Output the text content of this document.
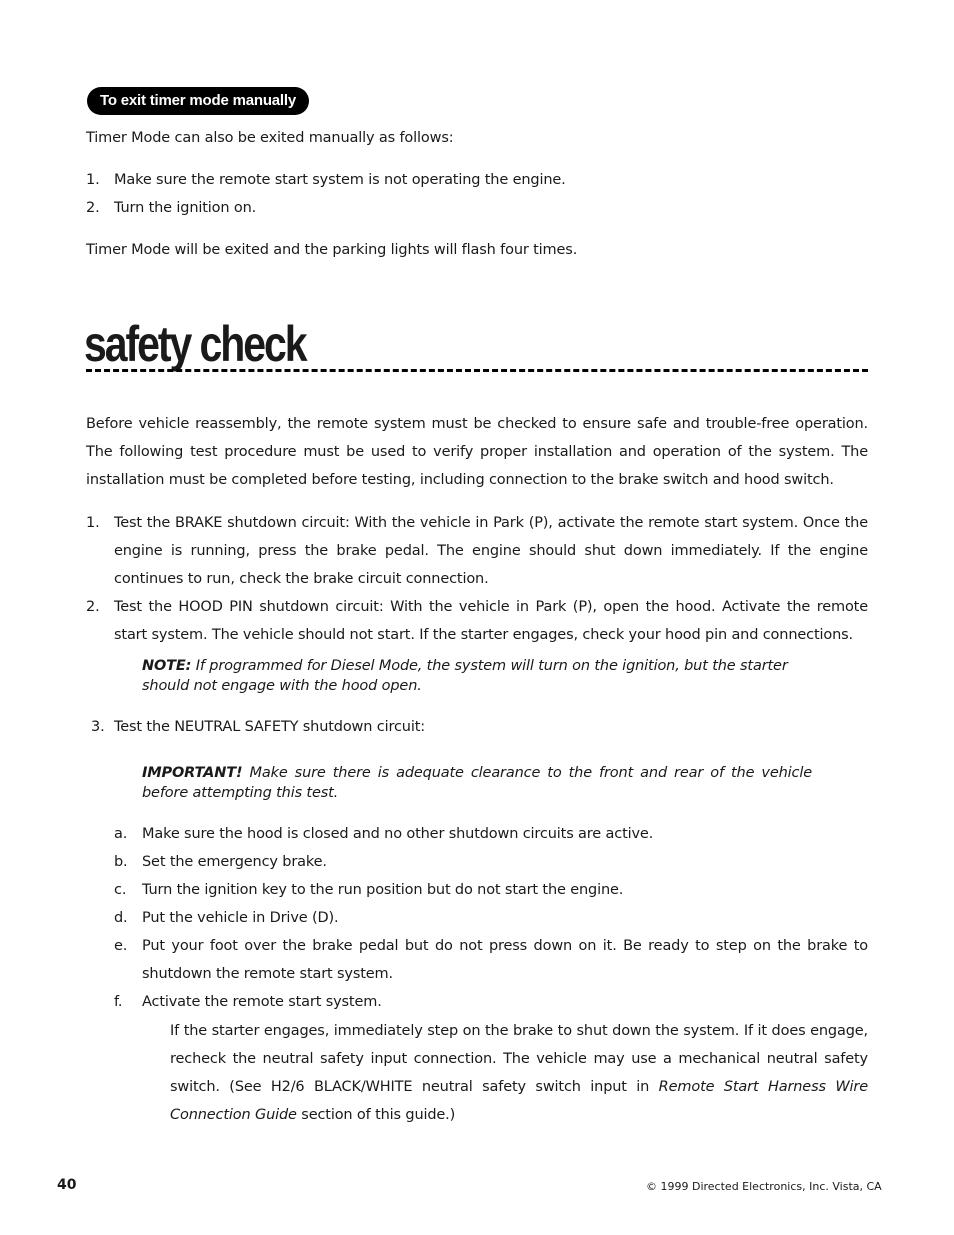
To exit timer mode manually
Timer Mode can also be exited manually as follows:
1. Make sure the remote start system is not operating the engine.
2. Turn the ignition on.
Timer Mode will be exited and the parking lights will flash four times.
safety check
Before vehicle reassembly, the remote system must be checked to ensure safe and trouble-free operation. The following test procedure must be used to verify proper installation and operation of the system. The installation must be completed before testing, including connection to the brake switch and hood switch.
1. Test the BRAKE shutdown circuit: With the vehicle in Park (P), activate the remote start system. Once the engine is running, press the brake pedal. The engine should shut down immediately. If the engine continues to run, check the brake circuit connection.
2. Test the HOOD PIN shutdown circuit: With the vehicle in Park (P), open the hood. Activate the remote start system. The vehicle should not start. If the starter engages, check your hood pin and connections.
NOTE: If programmed for Diesel Mode, the system will turn on the ignition, but the starter should not engage with the hood open.
3. Test the NEUTRAL SAFETY shutdown circuit:
IMPORTANT! Make sure there is adequate clearance to the front and rear of the vehicle before attempting this test.
a. Make sure the hood is closed and no other shutdown circuits are active.
b. Set the emergency brake.
c. Turn the ignition key to the run position but do not start the engine.
d. Put the vehicle in Drive (D).
e. Put your foot over the brake pedal but do not press down on it. Be ready to step on the brake to shutdown the remote start system.
f. Activate the remote start system.
If the starter engages, immediately step on the brake to shut down the system. If it does engage, recheck the neutral safety input connection. The vehicle may use a mechanical neutral safety switch. (See H2/6 BLACK/WHITE neutral safety switch input in Remote Start Harness Wire Connection Guide section of this guide.)
40	© 1999 Directed Electronics, Inc. Vista, CA
